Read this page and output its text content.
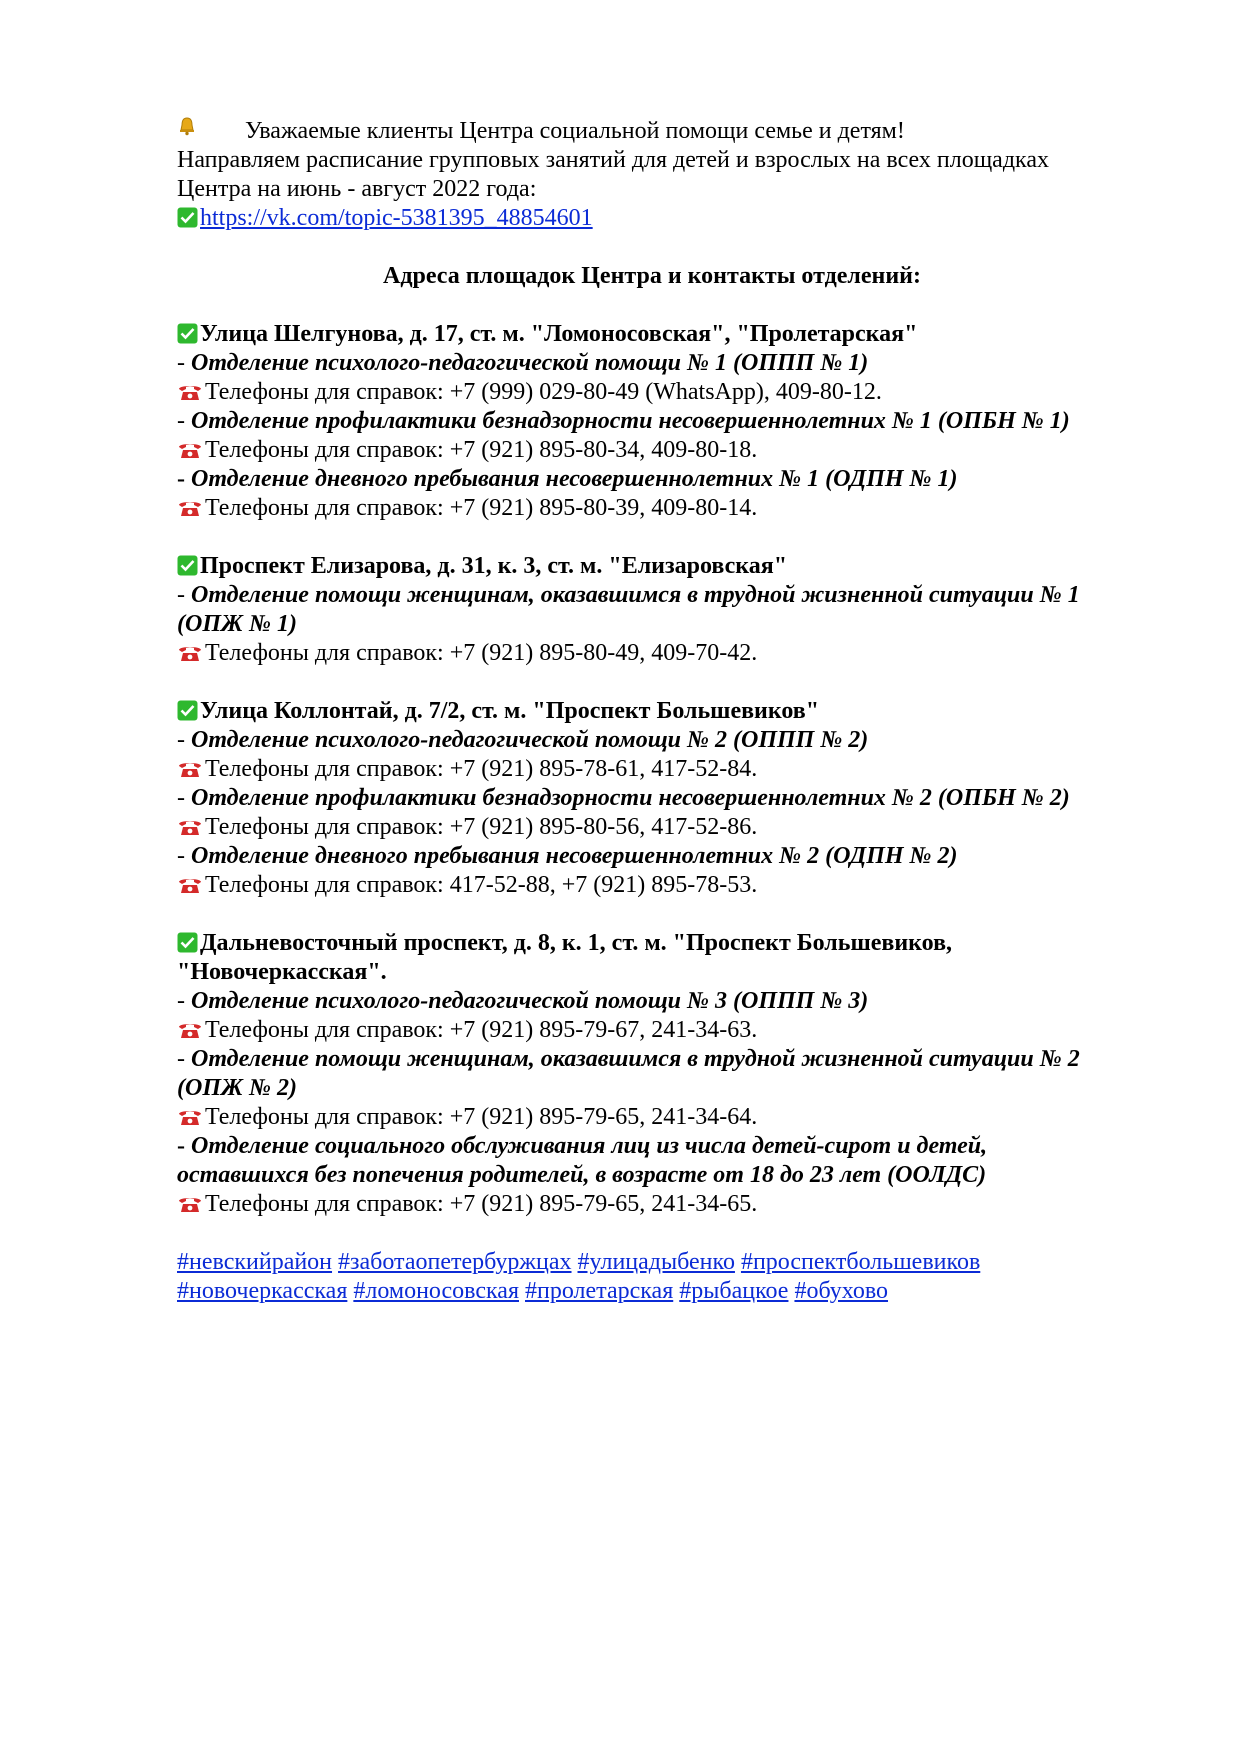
Уважаемые клиенты Центра социальной помощи семье и детям!
Направляем расписание групповых занятий для детей и взрослых на всех площадках
Центра на июнь - август 2022 года:
https://vk.com/topic-5381395_48854601
Адреса площадок Центра и контакты отделений:
Улица Шелгунова, д. 17, ст. м. "Ломоносовская", "Пролетарская"
- Отделение психолого-педагогической помощи № 1 (ОППП № 1)
Телефоны для справок: +7 (999) 029-80-49 (WhatsApp), 409-80-12.
- Отделение профилактики безнадзорности несовершеннолетних № 1 (ОПБН № 1)
Телефоны для справок: +7 (921) 895-80-34, 409-80-18.
- Отделение дневного пребывания несовершеннолетних № 1 (ОДПН № 1)
Телефоны для справок: +7 (921) 895-80-39, 409-80-14.
Проспект Елизарова, д. 31, к. 3, ст. м. "Елизаровская"
- Отделение помощи женщинам, оказавшимся в трудной жизненной ситуации № 1
(ОПЖ № 1)
Телефоны для справок: +7 (921) 895-80-49, 409-70-42.
Улица Коллонтай, д. 7/2, ст. м. "Проспект Большевиков"
- Отделение психолого-педагогической помощи № 2 (ОППП № 2)
Телефоны для справок: +7 (921) 895-78-61, 417-52-84.
- Отделение профилактики безнадзорности несовершеннолетних № 2 (ОПБН № 2)
Телефоны для справок: +7 (921) 895-80-56, 417-52-86.
- Отделение дневного пребывания несовершеннолетних № 2 (ОДПН № 2)
Телефоны для справок: 417-52-88, +7 (921) 895-78-53.
Дальневосточный проспект, д. 8, к. 1, ст. м. "Проспект Большевиков,
"Новочеркасская".
- Отделение психолого-педагогической помощи № 3 (ОППП № 3)
Телефоны для справок: +7 (921) 895-79-67, 241-34-63.
- Отделение помощи женщинам, оказавшимся в трудной жизненной ситуации № 2
(ОПЖ № 2)
Телефоны для справок: +7 (921) 895-79-65, 241-34-64.
- Отделение социального обслуживания лиц из числа детей-сирот и детей,
оставшихся без попечения родителей, в возрасте от 18 до 23 лет (ООЛДС)
Телефоны для справок: +7 (921) 895-79-65, 241-34-65.
#невскийрайон #заботаопетербуржцах #улицадыбенко #проспектбольшевиков
#новочеркасская #ломоносовская #пролетарская #рыбацкое #обухово
